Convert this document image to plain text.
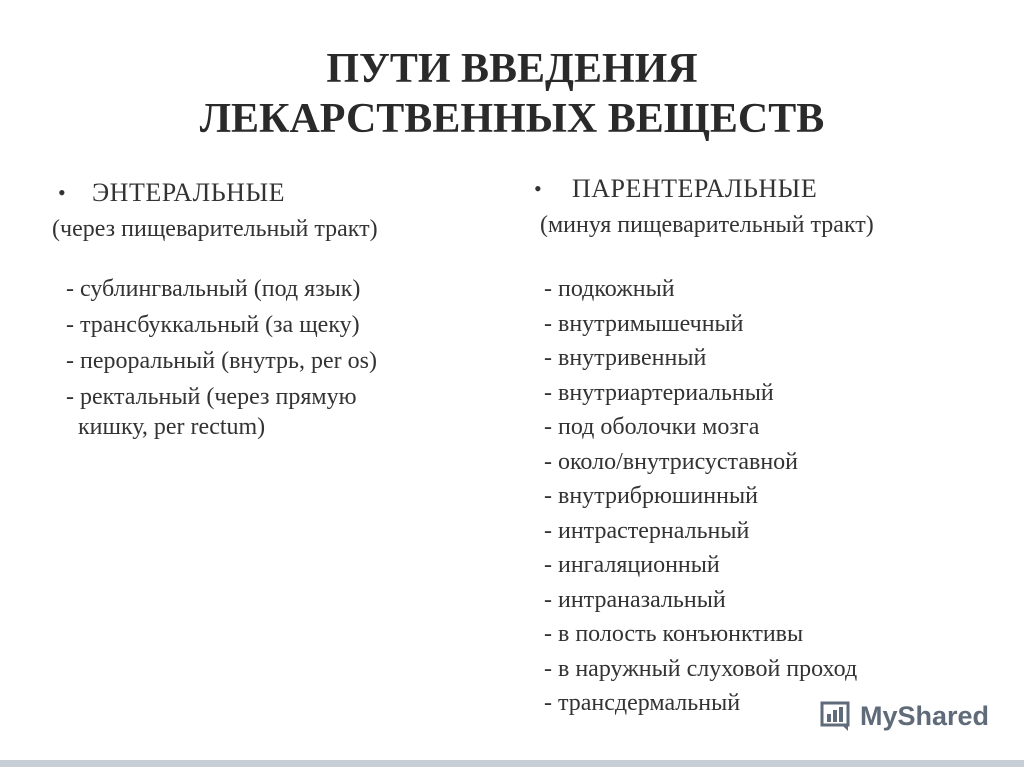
ПУТИ ВВЕДЕНИЯ
ЛЕКАРСТВЕННЫХ ВЕЩЕСТВ
• ЭНТЕРАЛЬНЫЕ
(через пищеварительный тракт)
- сублингвальный (под язык)
- трансбуккальный (за щеку)
- пероральный (внутрь, per os)
- ректальный (через прямую
кишку, per rectum)
• ПАРЕНТЕРАЛЬНЫЕ
(минуя пищеварительный тракт)
- подкожный
- внутримышечный
- внутривенный
- внутриартериальный
- под оболочки мозга
- около/внутрисуставной
- внутрибрюшинный
- интрастернальный
- ингаляционный
- интраназальный
- в полость конъюнктивы
- в наружный слуховой проход
- трансдермальный	MyShared
